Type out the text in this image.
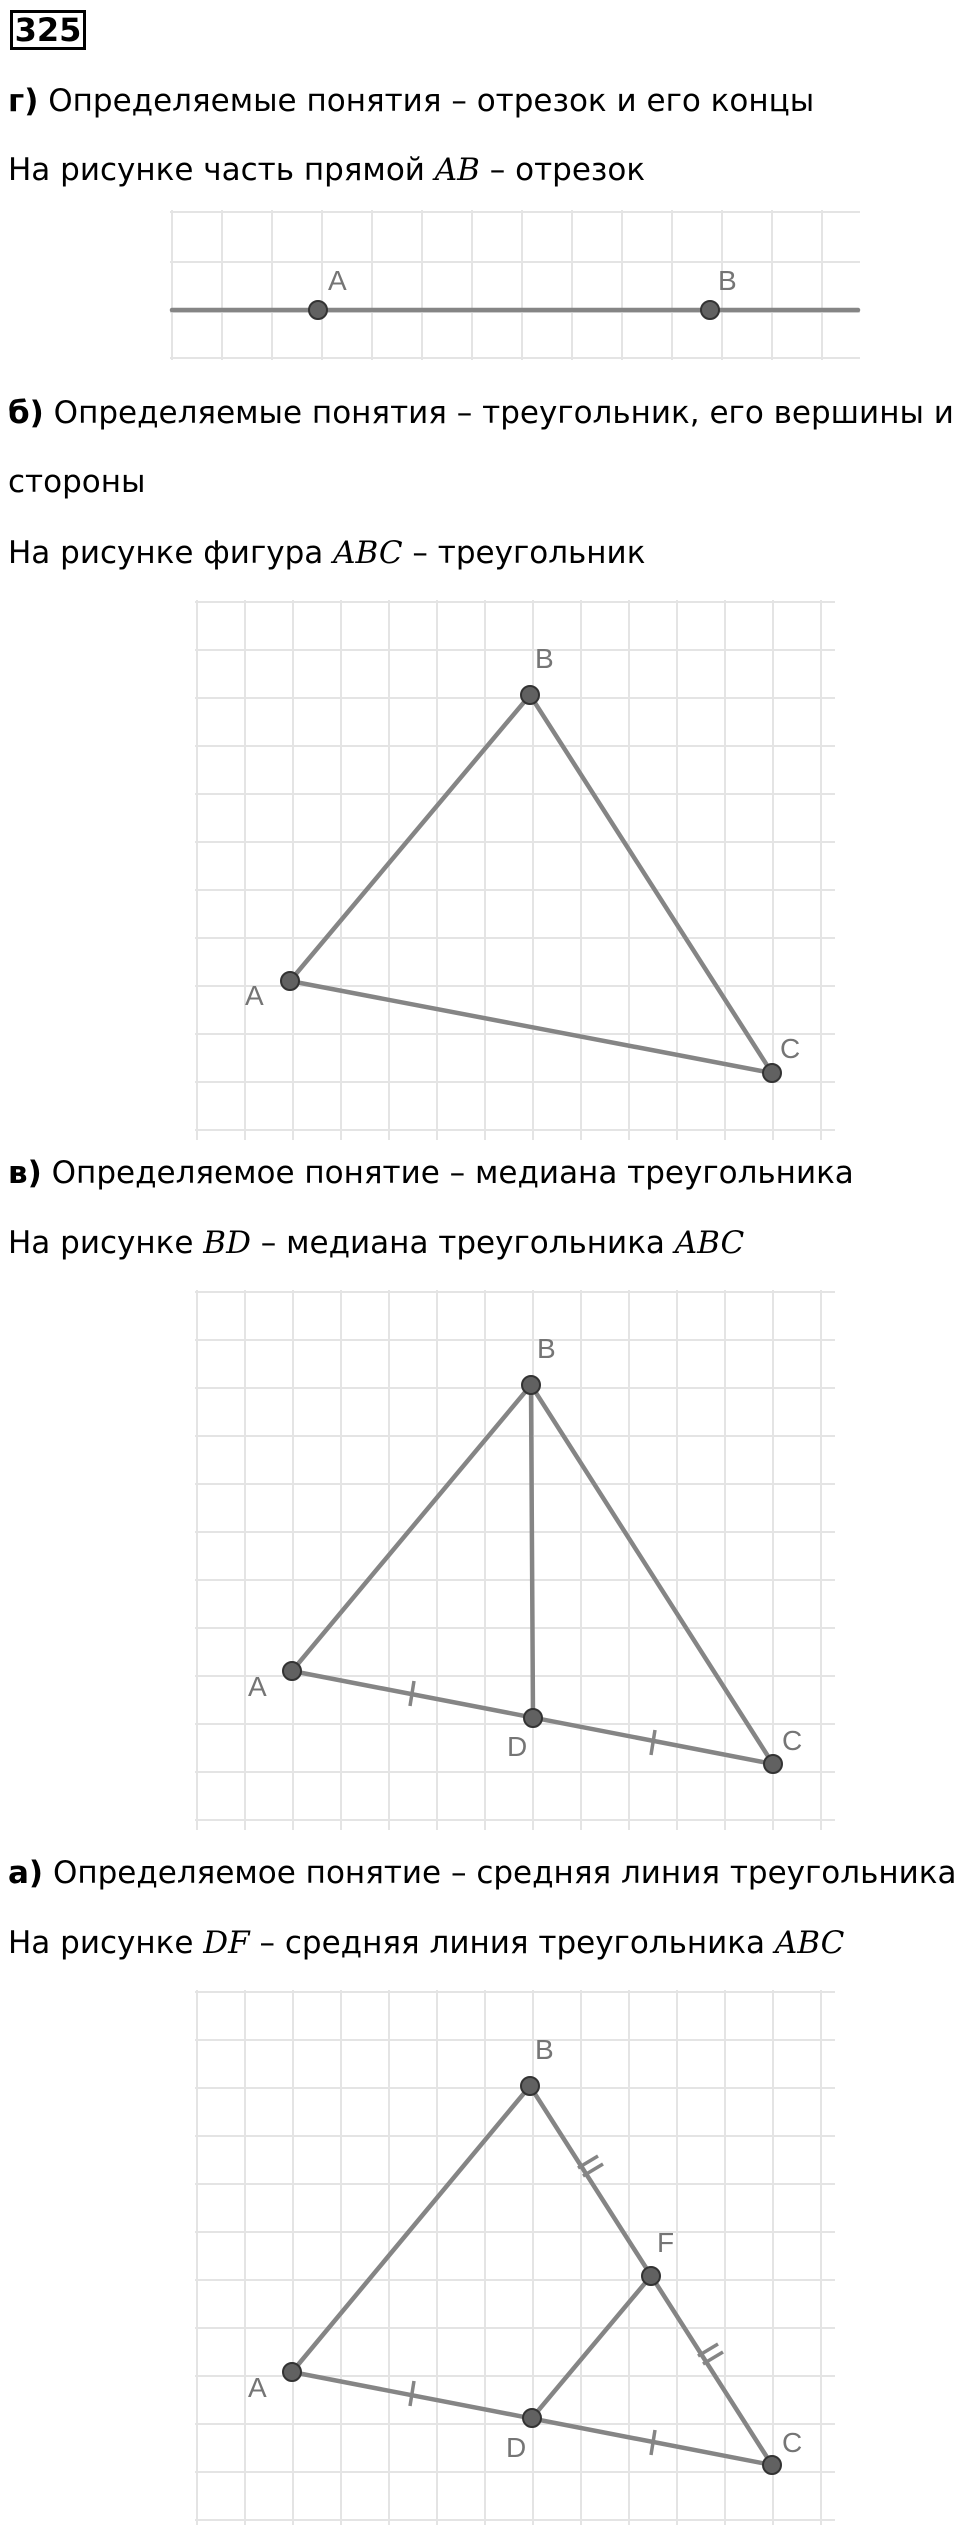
325
г) Определяемые понятия – отрезок и его концы
На рисунке часть прямой AB – отрезок
A	B
б) Определяемые понятия – треугольник, его вершины и
стороны
На рисунке фигура ABC – треугольник
A
B
C
в) Определяемое понятие – медиана треугольника
На рисунке BD – медиана треугольника ABC
A
B
C
D
а) Определяемое понятие – средняя линия треугольника
На рисунке DF – средняя линия треугольника ABC
A
B
C
D
F
